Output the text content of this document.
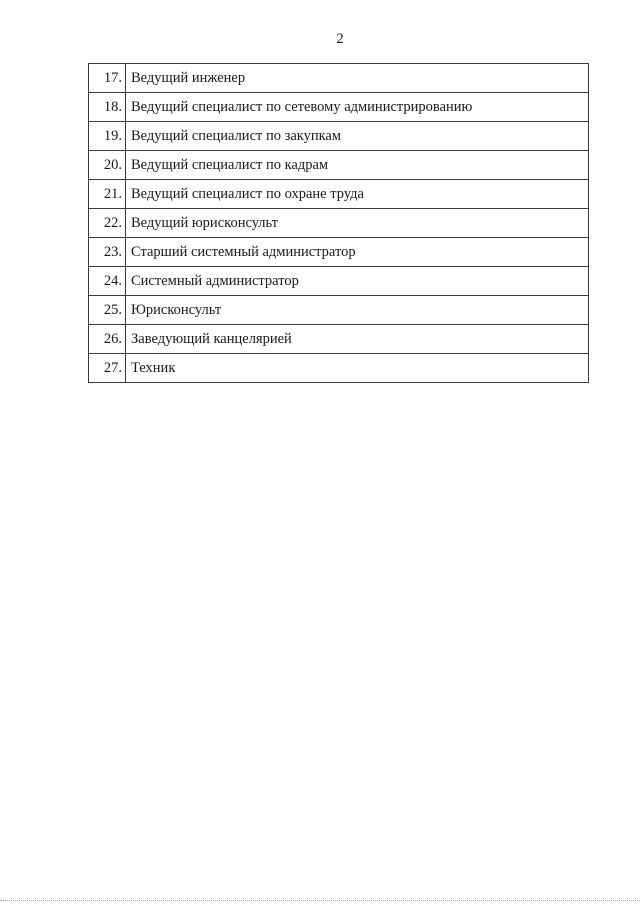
2
17.	Ведущий инженер
18.	Ведущий специалист по сетевому администрированию
19.	Ведущий специалист по закупкам
20.	Ведущий специалист по кадрам
21.	Ведущий специалист по охране труда
22.	Ведущий юрисконсульт
23.	Старший системный администратор
24.	Системный администратор
25.	Юрисконсульт
26.	Заведующий канцелярией
27.	Техник
